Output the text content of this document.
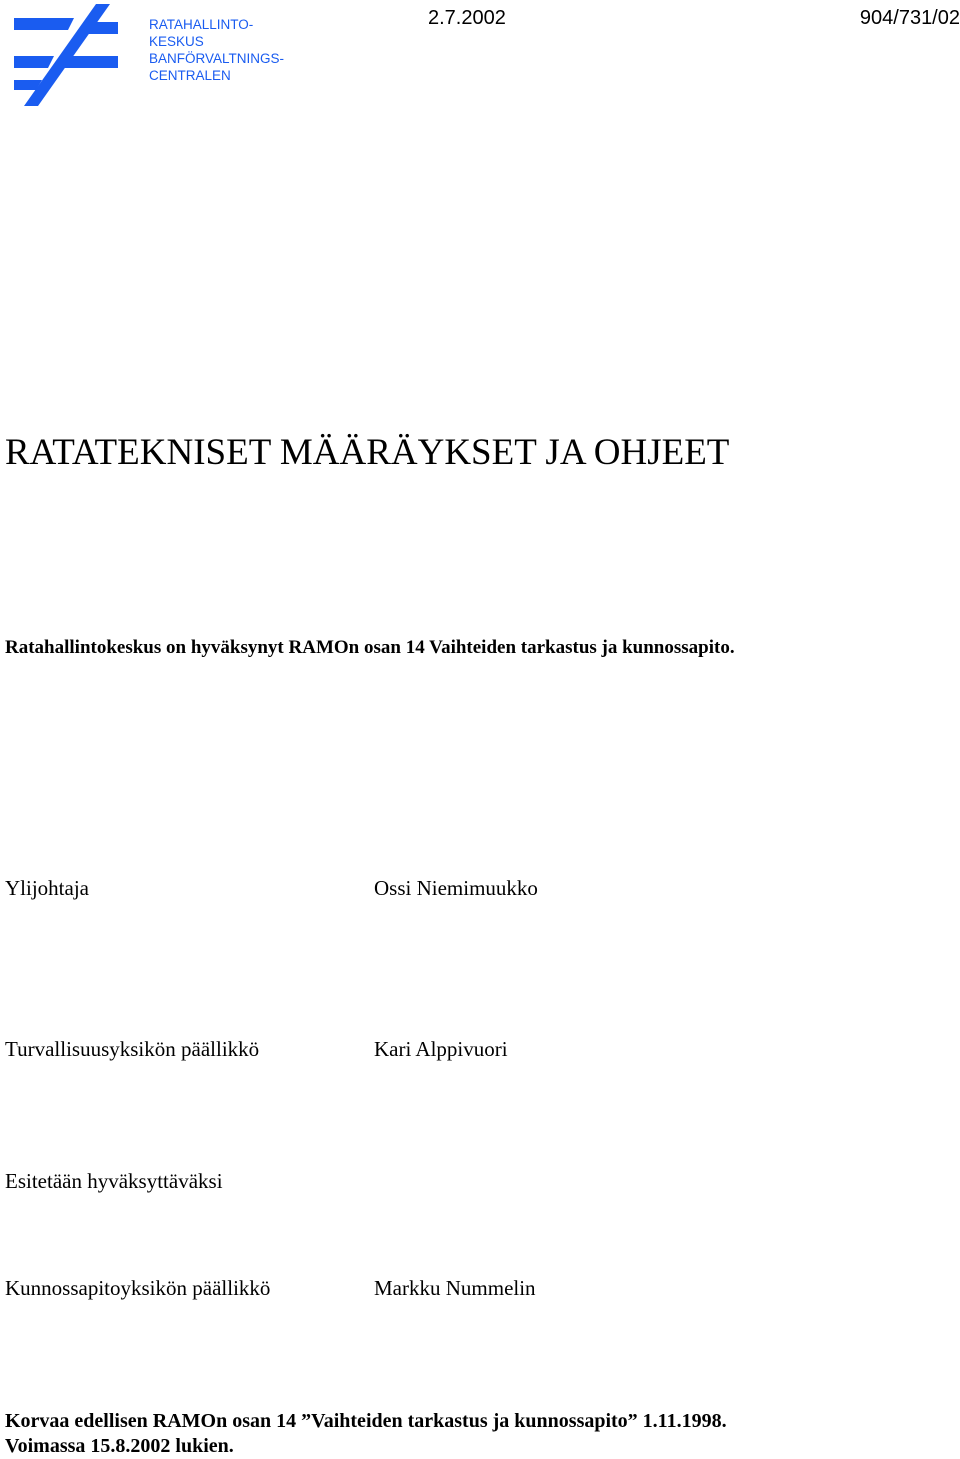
RATAHALLINTO-
KESKUS
BANFÖRVALTNINGS-
CENTRALEN
2.7.2002	904/731/02
RATATEKNISET MÄÄRÄYKSET JA OHJEET
Ratahallintokeskus on hyväksynyt RAMOn osan 14 Vaihteiden tarkastus ja kunnossapito.
Ylijohtaja	Ossi Niemimuukko
Turvallisuusyksikön päällikkö	Kari Alppivuori
Esitetään hyväksyttäväksi
Kunnossapitoyksikön päällikkö	Markku Nummelin
Korvaa edellisen RAMOn osan 14 ”Vaihteiden tarkastus ja kunnossapito” 1.11.1998.
Voimassa 15.8.2002 lukien.
